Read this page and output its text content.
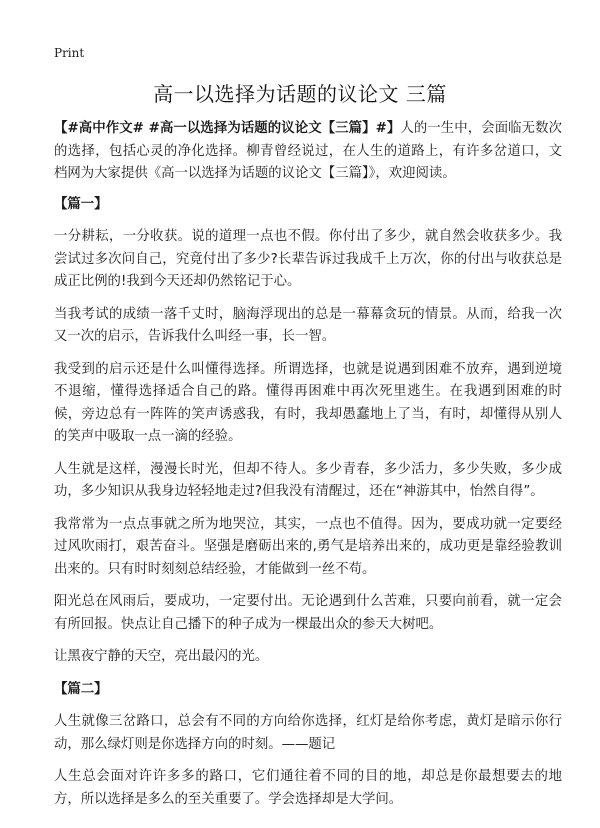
Print
高一以选择为话题的议论文 三篇

【#高中作文# #高一以选择为话题的议论文【三篇】#】人的一生中，会面临无数次的选择，包括心灵的净化选择。柳青曾经说过，在人生的道路上，有许多岔道口，文档网为大家提供《高一以选择为话题的议论文【三篇】》，欢迎阅读。

【篇一】

一分耕耘，一分收获。说的道理一点也不假。你付出了多少，就自然会收获多少。我尝试过多次问自己，究竟付出了多少?长辈告诉过我成千上万次，你的付出与收获总是成正比例的!我到今天还却仍然铭记于心。

当我考试的成绩一落千丈时，脑海浮现出的总是一幕幕贪玩的情景。从而，给我一次又一次的启示，告诉我什么叫经一事，长一智。

我受到的启示还是什么叫懂得选择。所谓选择，也就是说遇到困难不放弃，遇到逆境不退缩，懂得选择适合自己的路。懂得再困难中再次死里逃生。在我遇到困难的时候，旁边总有一阵阵的笑声诱惑我，有时，我却愚蠢地上了当，有时，却懂得从别人的笑声中吸取一点一滴的经验。

人生就是这样，漫漫长时光，但却不待人。多少青春，多少活力，多少失败，多少成功，多少知识从我身边轻轻地走过?但我没有清醒过，还在“神游其中，怡然自得”。

我常常为一点点事就之所为地哭泣，其实，一点也不值得。因为，要成功就一定要经过风吹雨打，艰苦奋斗。坚强是磨砺出来的,勇气是培养出来的，成功更是靠经验教训出来的。只有时时刻刻总结经验，才能做到一丝不苟。

阳光总在风雨后，要成功，一定要付出。无论遇到什么苦难，只要向前看，就一定会有所回报。快点让自己播下的种子成为一棵最出众的参天大树吧。

让黑夜宁静的天空，亮出最闪的光。

【篇二】

人生就像三岔路口，总会有不同的方向给你选择，红灯是给你考虑，黄灯是暗示你行动，那么绿灯则是你选择方向的时刻。——题记

人生总会面对许许多多的路口，它们通往着不同的目的地，却总是你最想要去的地方，所以选择是多么的至关重要了。学会选择却是大学问。
